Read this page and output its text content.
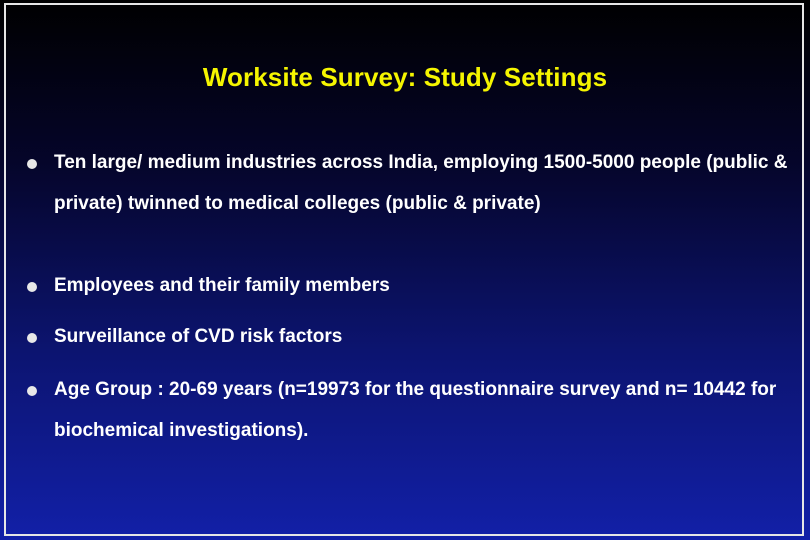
Worksite Survey: Study Settings
Ten large/ medium industries across India, employing 1500-5000 people (public & private) twinned to medical colleges (public & private)
Employees and their family members
Surveillance of CVD risk factors
Age Group : 20-69 years (n=19973 for the questionnaire survey and n= 10442 for biochemical investigations).
